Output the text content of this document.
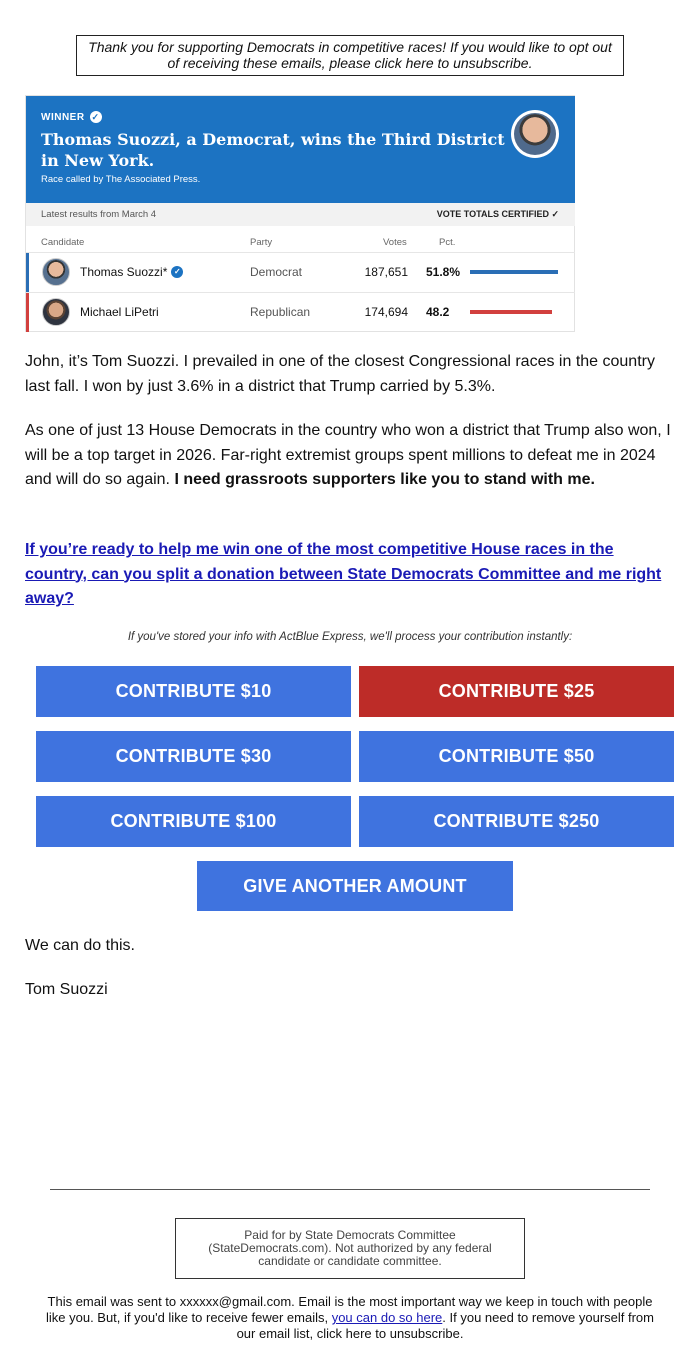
Thank you for supporting Democrats in competitive races! If you would like to opt out of receiving these emails, please click here to unsubscribe.
WINNER ✓
Thomas Suozzi, a Democrat, wins the Third District in New York.
Race called by The Associated Press.
Latest results from March 4	VOTE TOTALS CERTIFIED ✓
Candidate	Party	Votes	Pct.
Thomas Suozzi* ✓	Democrat	187,651 51.8%
Michael LiPetri	Republican	174,694 48.2

John, it’s Tom Suozzi. I prevailed in one of the closest Congressional races in the country last fall. I won by just 3.6% in a district that Trump carried by 5.3%.

As one of just 13 House Democrats in the country who won a district that Trump also won, I will be a top target in 2026. Far-right extremist groups spent millions to defeat me in 2024 and will do so again. I need grassroots supporters like you to stand with me.

If you’re ready to help me win one of the most competitive House races in the country, can you split a donation between State Democrats Committee and me right away?

If you've stored your info with ActBlue Express, we'll process your contribution instantly:
CONTRIBUTE $10	CONTRIBUTE $25
CONTRIBUTE $30	CONTRIBUTE $50
CONTRIBUTE $100	CONTRIBUTE $250
GIVE ANOTHER AMOUNT
We can do this.
Tom Suozzi
Paid for by State Democrats Committee (StateDemocrats.com). Not authorized by any federal candidate or candidate committee.
This email was sent to xxxxxx@gmail.com. Email is the most important way we keep in touch with people like you. But, if you'd like to receive fewer emails, you can do so here. If you need to remove yourself from our email list, click here to unsubscribe.
